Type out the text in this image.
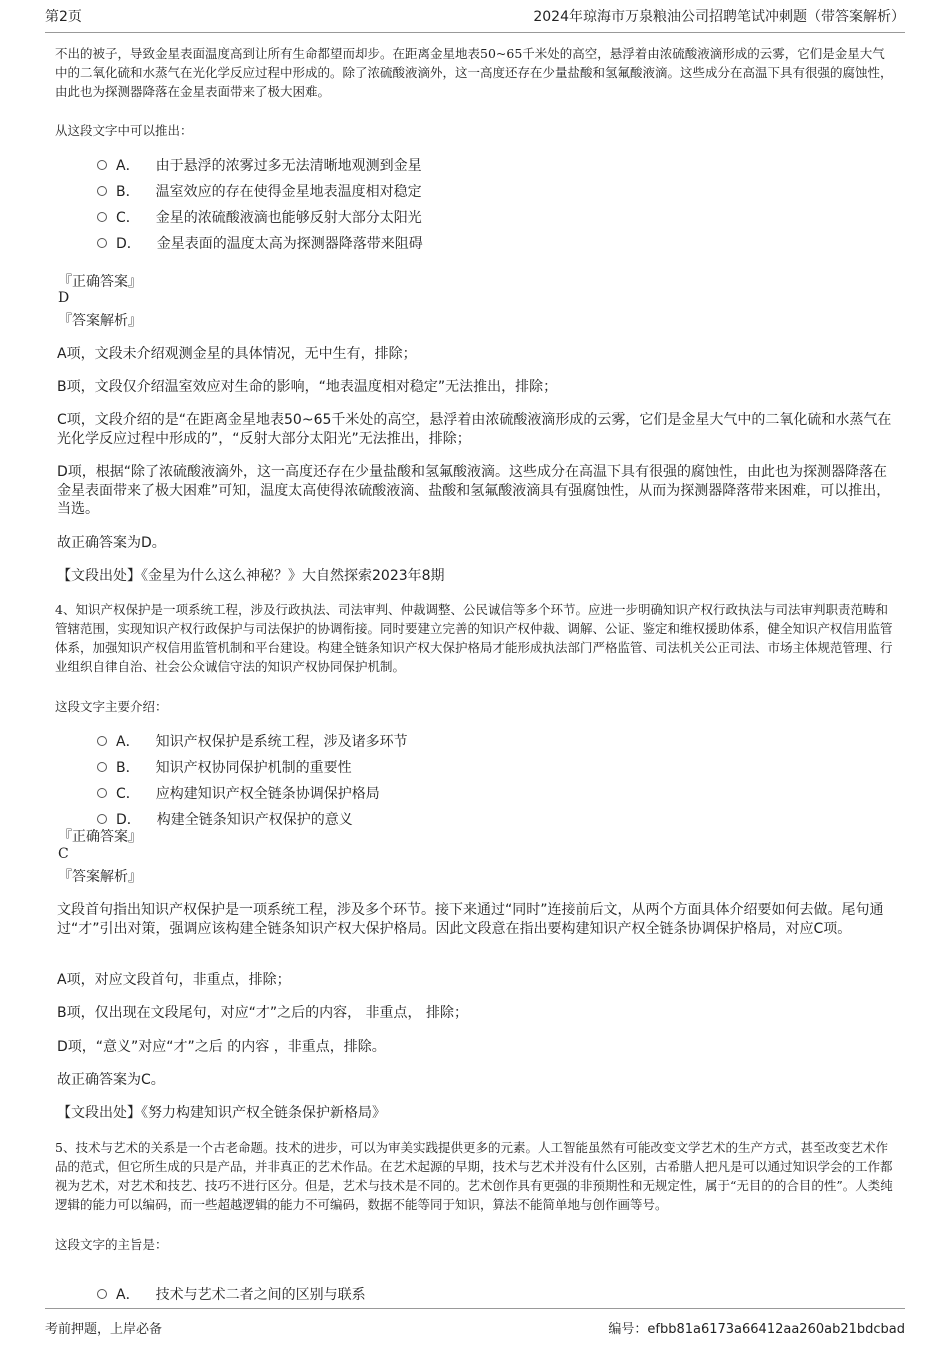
第2页	2024年琼海市万泉粮油公司招聘笔试冲刺题（带答案解析）
不出的被子，导致金星表面温度高到让所有生命都望而却步。在距离金星地表50~65千米处的高空，悬浮着由浓硫酸液滴形成的云雾，它们是金星大气中的二氧化硫和水蒸气在光化学反应过程中形成的。除了浓硫酸液滴外，这一高度还存在少量盐酸和氢氟酸液滴。这些成分在高温下具有很强的腐蚀性，由此也为探测器降落在金星表面带来了极大困难。
从这段文字中可以推出：
A． 由于悬浮的浓雾过多无法清晰地观测到金星
B． 温室效应的存在使得金星地表温度相对稳定
C． 金星的浓硫酸液滴也能够反射大部分太阳光
D． 金星表面的温度太高为探测器降落带来阻碍
『正确答案』
D
『答案解析』
A项，文段未介绍观测金星的具体情况，无中生有，排除；
B项，文段仅介绍温室效应对生命的影响，“地表温度相对稳定”无法推出，排除；
C项，文段介绍的是“在距离金星地表50~65千米处的高空，悬浮着由浓硫酸液滴形成的云雾，它们是金星大气中的二氧化硫和水蒸气在光化学反应过程中形成的”，“反射大部分太阳光”无法推出，排除；
D项，根据“除了浓硫酸液滴外，这一高度还存在少量盐酸和氢氟酸液滴。这些成分在高温下具有很强的腐蚀性，由此也为探测器降落在金星表面带来了极大困难”可知，温度太高使得浓硫酸液滴、盐酸和氢氟酸液滴具有强腐蚀性，从而为探测器降落带来困难，可以推出，当选。
故正确答案为D。
【文段出处】《金星为什么这么神秘？》大自然探索2023年8期
4、知识产权保护是一项系统工程，涉及行政执法、司法审判、仲裁调整、公民诚信等多个环节。应进一步明确知识产权行政执法与司法审判职责范畴和管辖范围，实现知识产权行政保护与司法保护的协调衔接。同时要建立完善的知识产权仲裁、调解、公证、鉴定和维权援助体系，健全知识产权信用监管体系，加强知识产权信用监管机制和平台建设。构建全链条知识产权大保护格局才能形成执法部门严格监管、司法机关公正司法、市场主体规范管理、行业组织自律自治、社会公众诚信守法的知识产权协同保护机制。
这段文字主要介绍：
A． 知识产权保护是系统工程，涉及诸多环节
B． 知识产权协同保护机制的重要性
C． 应构建知识产权全链条协调保护格局
D． 构建全链条知识产权保护的意义
『正确答案』
C
『答案解析』
文段首句指出知识产权保护是一项系统工程，涉及多个环节。接下来通过“同时”连接前后文，从两个方面具体介绍要如何去做。尾句通过“才”引出对策，强调应该构建全链条知识产权大保护格局。因此文段意在指出要构建知识产权全链条协调保护格局，对应C项。
A项，对应文段首句，非重点，排除；
B项，仅出现在文段尾句，对应“才”之后的内容， 非重点， 排除；
D项，“意义”对应“才”之后 的内容 ，非重点，排除。
故正确答案为C。
【文段出处】《努力构建知识产权全链条保护新格局》
5、技术与艺术的关系是一个古老命题。技术的进步，可以为审美实践提供更多的元素。人工智能虽然有可能改变文学艺术的生产方式，甚至改变艺术作品的范式，但它所生成的只是产品，并非真正的艺术作品。在艺术起源的早期，技术与艺术并没有什么区别，古希腊人把凡是可以通过知识学会的工作都视为艺术，对艺术和技艺、技巧不进行区分。但是，艺术与技术是不同的。艺术创作具有更强的非预期性和无规定性，属于“无目的的合目的性”。人类纯逻辑的能力可以编码，而一些超越逻辑的能力不可编码，数据不能等同于知识，算法不能简单地与创作画等号。
这段文字的主旨是：
A． 技术与艺术二者之间的区别与联系
考前押题，上岸必备	编号：efbb81a6173a66412aa260ab21bdcbad
